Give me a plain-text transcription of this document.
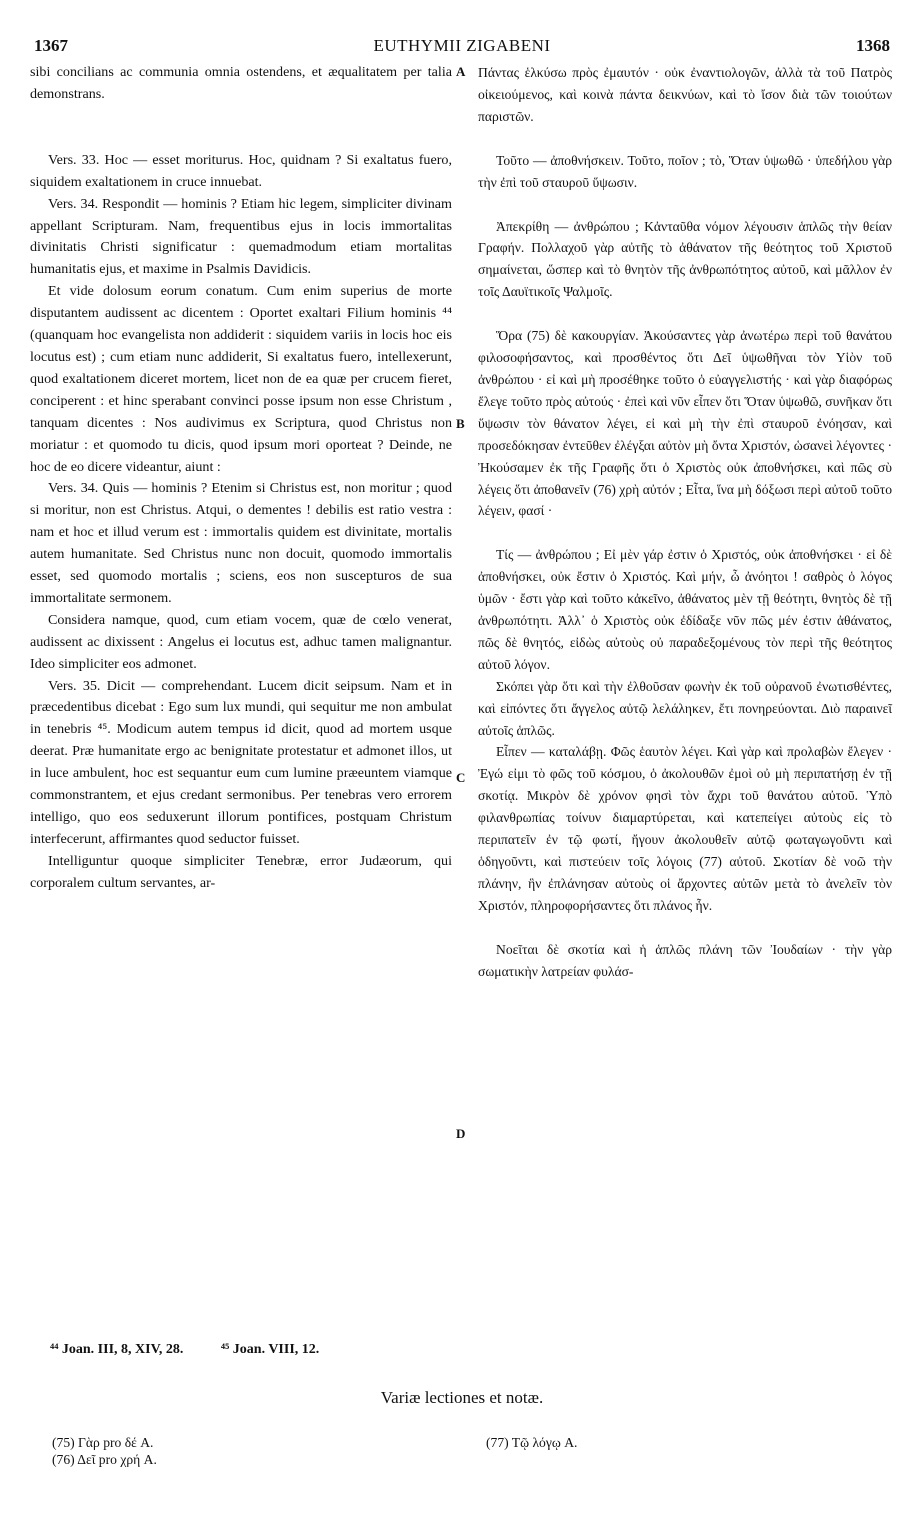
1367	EUTHYMII ZIGABENI	1368

sibi concilians ac communia omnia ostendens, et æqualitatem per talia demonstrans.

Vers. 33. Hoc — esset moriturus. Hoc, quidnam ? Si exaltatus fuero, siquidem exaltationem in cruce innuebat.

Vers. 34. Respondit — hominis ? Etiam hic legem, simpliciter divinam appellant Scripturam. Nam, frequentibus ejus in locis immortalitas divinitatis Christi significatur : quemadmodum etiam mortalitas humanitatis ejus, et maxime in Psalmis Davidicis.

Et vide dolosum eorum conatum. Cum enim superius de morte disputantem audissent ac dicentem : Oportet exaltari Filium hominis ⁴⁴ (quanquam hoc evangelista non addiderit : siquidem variis in locis hoc eis locutus est) ; cum etiam nunc addiderit, Si exaltatus fuero, intellexerunt, quod exaltationem diceret mortem, licet non de ea quæ per crucem fieret, conciperent : et hinc sperabant convinci posse ipsum non esse Christum , tanquam dicentes : Nos audivimus ex Scriptura, quod Christus non moriatur : et quomodo tu dicis, quod ipsum mori oporteat ? Deinde, ne hoc de eo dicere videantur, aiunt :

Vers. 34. Quis — hominis ? Etenim si Christus est, non moritur ; quod si moritur, non est Christus. Atqui, o dementes ! debilis est ratio vestra : nam et hoc et illud verum est : immortalis quidem est divinitate, mortalis autem humanitate. Sed Christus nunc non docuit, quomodo immortalis esset, sed quomodo mortalis ; sciens, eos non suscepturos de sua immortalitate sermonem.

Considera namque, quod, cum etiam vocem, quæ de cœlo venerat, audissent ac dixissent : Angelus ei locutus est, adhuc tamen malignantur. Ideo simpliciter eos admonet.

Vers. 35. Dicit — comprehendant. Lucem dicit seipsum. Nam et in præcedentibus dicebat : Ego sum lux mundi, qui sequitur me non ambulat in tenebris ⁴⁵. Modicum autem tempus id dicit, quod ad mortem usque deerat. Præ humanitate ergo ac benignitate protestatur et admonet illos, ut in luce ambulent, hoc est sequantur eum cum lumine præeuntem viamque commonstrantem, et ejus credant sermonibus. Per tenebras vero errorem intelligo, quo eos seduxerunt illorum pontifices, postquam Christum interfecerunt, affirmantes quod seductor fuisset.

Intelliguntur quoque simpliciter Tenebræ, error Judæorum, qui corporalem cultum servantes, ar-

A
B
C
D

Πάντας ἑλκύσω πρὸς ἐμαυτόν · οὐκ ἐναντιολογῶν, ἀλλὰ τὰ τοῦ Πατρὸς οἰκειούμενος, καὶ κοινὰ πάντα δεικνύων, καὶ τὸ ἴσον διὰ τῶν τοιούτων παριστῶν.

Τοῦτο — ἀποθνήσκειν. Τοῦτο, ποῖον ; τὸ, Ὅταν ὑψωθῶ · ὑπεδήλου γὰρ τὴν ἐπὶ τοῦ σταυροῦ ὕψωσιν.

Ἀπεκρίθη — ἀνθρώπου ; Κἀνταῦθα νόμον λέγουσιν ἁπλῶς τὴν θείαν Γραφήν. Πολλαχοῦ γὰρ αὐτῆς τὸ ἀθάνατον τῆς θεότητος τοῦ Χριστοῦ σημαίνεται, ὥσπερ καὶ τὸ θνητὸν τῆς ἀνθρωπότητος αὐτοῦ, καὶ μᾶλλον ἐν τοῖς Δαυϊτικοῖς Ψαλμοῖς.

Ὅρα (75) δὲ κακουργίαν. Ἀκούσαντες γὰρ ἀνωτέρω περὶ τοῦ θανάτου φιλοσοφήσαντος, καὶ προσθέντος ὅτι Δεῖ ὑψωθῆναι τὸν Υἱὸν τοῦ ἀνθρώπου · εἰ καὶ μὴ προσέθηκε τοῦτο ὁ εὐαγγελιστής · καὶ γὰρ διαφόρως ἔλεγε τοῦτο πρὸς αὐτούς · ἐπεὶ καὶ νῦν εἶπεν ὅτι Ὅταν ὑψωθῶ, συνῆκαν ὅτι ὕψωσιν τὸν θάνατον λέγει, εἰ καὶ μὴ τὴν ἐπὶ σταυροῦ ἐνόησαν, καὶ προσεδόκησαν ἐντεῦθεν ἐλέγξαι αὐτὸν μὴ ὄντα Χριστόν, ὡσανεὶ λέγοντες · Ἠκούσαμεν ἐκ τῆς Γραφῆς ὅτι ὁ Χριστὸς οὐκ ἀποθνήσκει, καὶ πῶς σὺ λέγεις ὅτι ἀποθανεῖν (76) χρὴ αὐτόν ; Εἶτα, ἵνα μὴ δόξωσι περὶ αὐτοῦ τοῦτο λέγειν, φασί ·

Τίς — ἀνθρώπου ; Εἰ μὲν γάρ ἐστιν ὁ Χριστός, οὐκ ἀποθνήσκει · εἰ δὲ ἀποθνήσκει, οὐκ ἔστιν ὁ Χριστός. Καὶ μήν, ὦ ἀνόητοι ! σαθρὸς ὁ λόγος ὑμῶν · ἔστι γὰρ καὶ τοῦτο κἀκεῖνο, ἀθάνατος μὲν τῇ θεότητι, θνητὸς δὲ τῇ ἀνθρωπότητι. Ἀλλ᾽ ὁ Χριστὸς οὐκ ἐδίδαξε νῦν πῶς μέν ἐστιν ἀθάνατος, πῶς δὲ θνητός, εἰδὼς αὐτοὺς οὐ παραδεξομένους τὸν περὶ τῆς θεότητος αὐτοῦ λόγον.

Σκόπει γὰρ ὅτι καὶ τὴν ἐλθοῦσαν φωνὴν ἐκ τοῦ οὐρανοῦ ἐνωτισθέντες, καὶ εἰπόντες ὅτι ἄγγελος αὐτῷ λελάληκεν, ἔτι πονηρεύονται. Διὸ παραινεῖ αὐτοῖς ἁπλῶς.

Εἶπεν — καταλάβῃ. Φῶς ἑαυτὸν λέγει. Καὶ γὰρ καὶ προλαβὼν ἔλεγεν · Ἐγώ εἰμι τὸ φῶς τοῦ κόσμου, ὁ ἀκολουθῶν ἐμοὶ οὐ μὴ περιπατήσῃ ἐν τῇ σκοτίᾳ. Μικρὸν δὲ χρόνον φησὶ τὸν ἄχρι τοῦ θανάτου αὐτοῦ. Ὑπὸ φιλανθρωπίας τοίνυν διαμαρτύρεται, καὶ κατεπείγει αὐτοὺς εἰς τὸ περιπατεῖν ἐν τῷ φωτί, ἤγουν ἀκολουθεῖν αὐτῷ φωταγωγοῦντι καὶ ὁδηγοῦντι, καὶ πιστεύειν τοῖς λόγοις (77) αὐτοῦ. Σκοτίαν δὲ νοῶ τὴν πλάνην, ἣν ἐπλάνησαν αὐτοὺς οἱ ἄρχοντες αὐτῶν μετὰ τὸ ἀνελεῖν τὸν Χριστόν, πληροφορήσαντες ὅτι πλάνος ἦν.

Νοεῖται δὲ σκοτία καὶ ἡ ἁπλῶς πλάνη τῶν Ἰουδαίων · τὴν γὰρ σωματικὴν λατρείαν φυλάσ-

⁴⁴ Joan. III, 8, XIV, 28.	⁴⁵ Joan. VIII, 12.
Variæ lectiones et notæ.
(75) Γὰρ pro δέ A.
(76) Δεῖ pro χρή A.
(77) Τῷ λόγῳ A.
